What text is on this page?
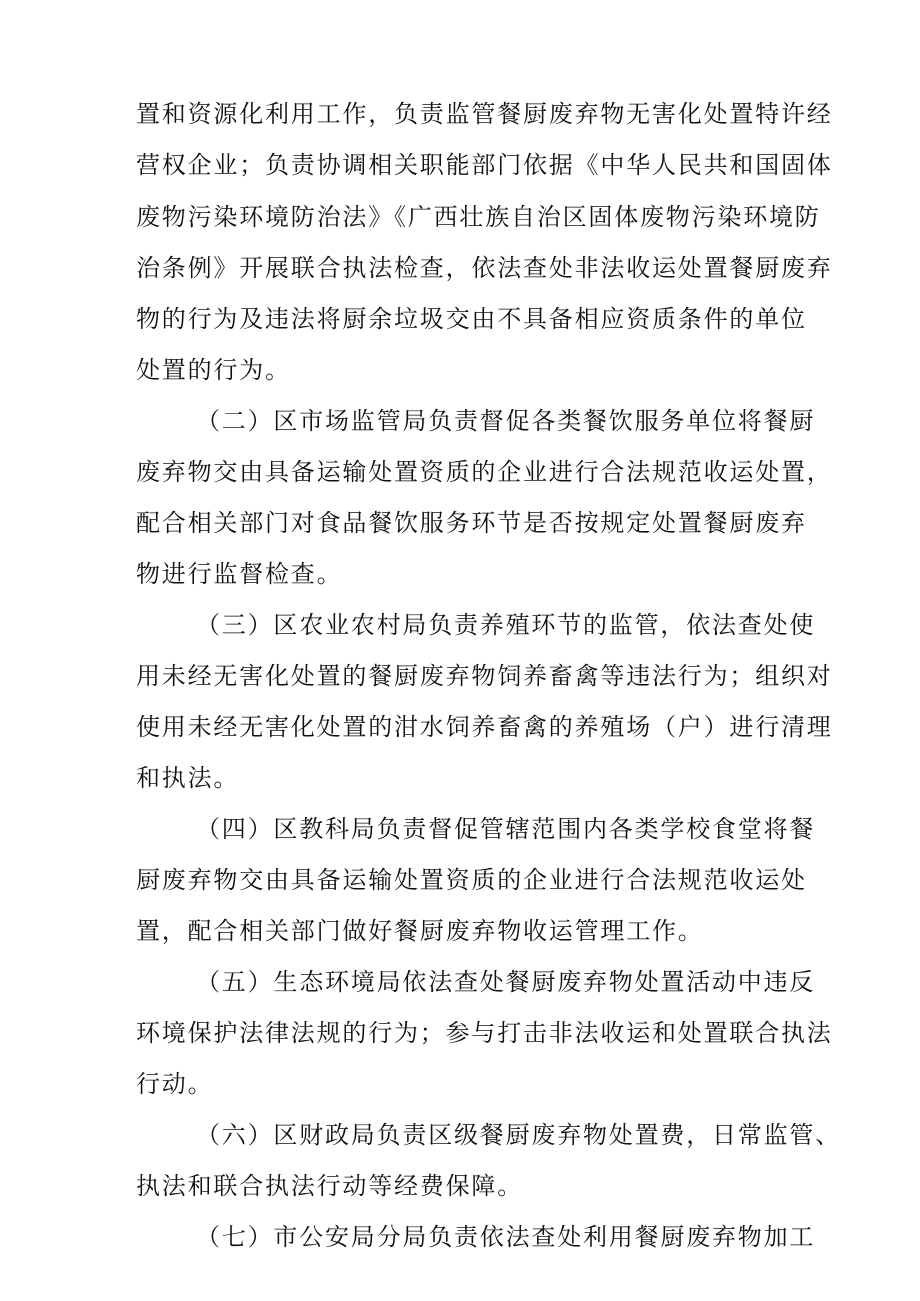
置和资源化利用工作，负责监管餐厨废弃物无害化处置特许经
营权企业；负责协调相关职能部门依据《中华人民共和国固体
废物污染环境防治法》《广西壮族自治区固体废物污染环境防
治条例》开展联合执法检查，依法查处非法收运处置餐厨废弃
物的行为及违法将厨余垃圾交由不具备相应资质条件的单位
处置的行为。
（二）区市场监管局负责督促各类餐饮服务单位将餐厨
废弃物交由具备运输处置资质的企业进行合法规范收运处置，
配合相关部门对食品餐饮服务环节是否按规定处置餐厨废弃
物进行监督检查。
（三）区农业农村局负责养殖环节的监管，依法查处使
用未经无害化处置的餐厨废弃物饲养畜禽等违法行为；组织对
使用未经无害化处置的泔水饲养畜禽的养殖场（户）进行清理
和执法。
（四）区教科局负责督促管辖范围内各类学校食堂将餐
厨废弃物交由具备运输处置资质的企业进行合法规范收运处
置，配合相关部门做好餐厨废弃物收运管理工作。
（五）生态环境局依法查处餐厨废弃物处置活动中违反
环境保护法律法规的行为；参与打击非法收运和处置联合执法
行动。
（六）区财政局负责区级餐厨废弃物处置费，日常监管、
执法和联合执法行动等经费保障。
（七）市公安局分局负责依法查处利用餐厨废弃物加工
